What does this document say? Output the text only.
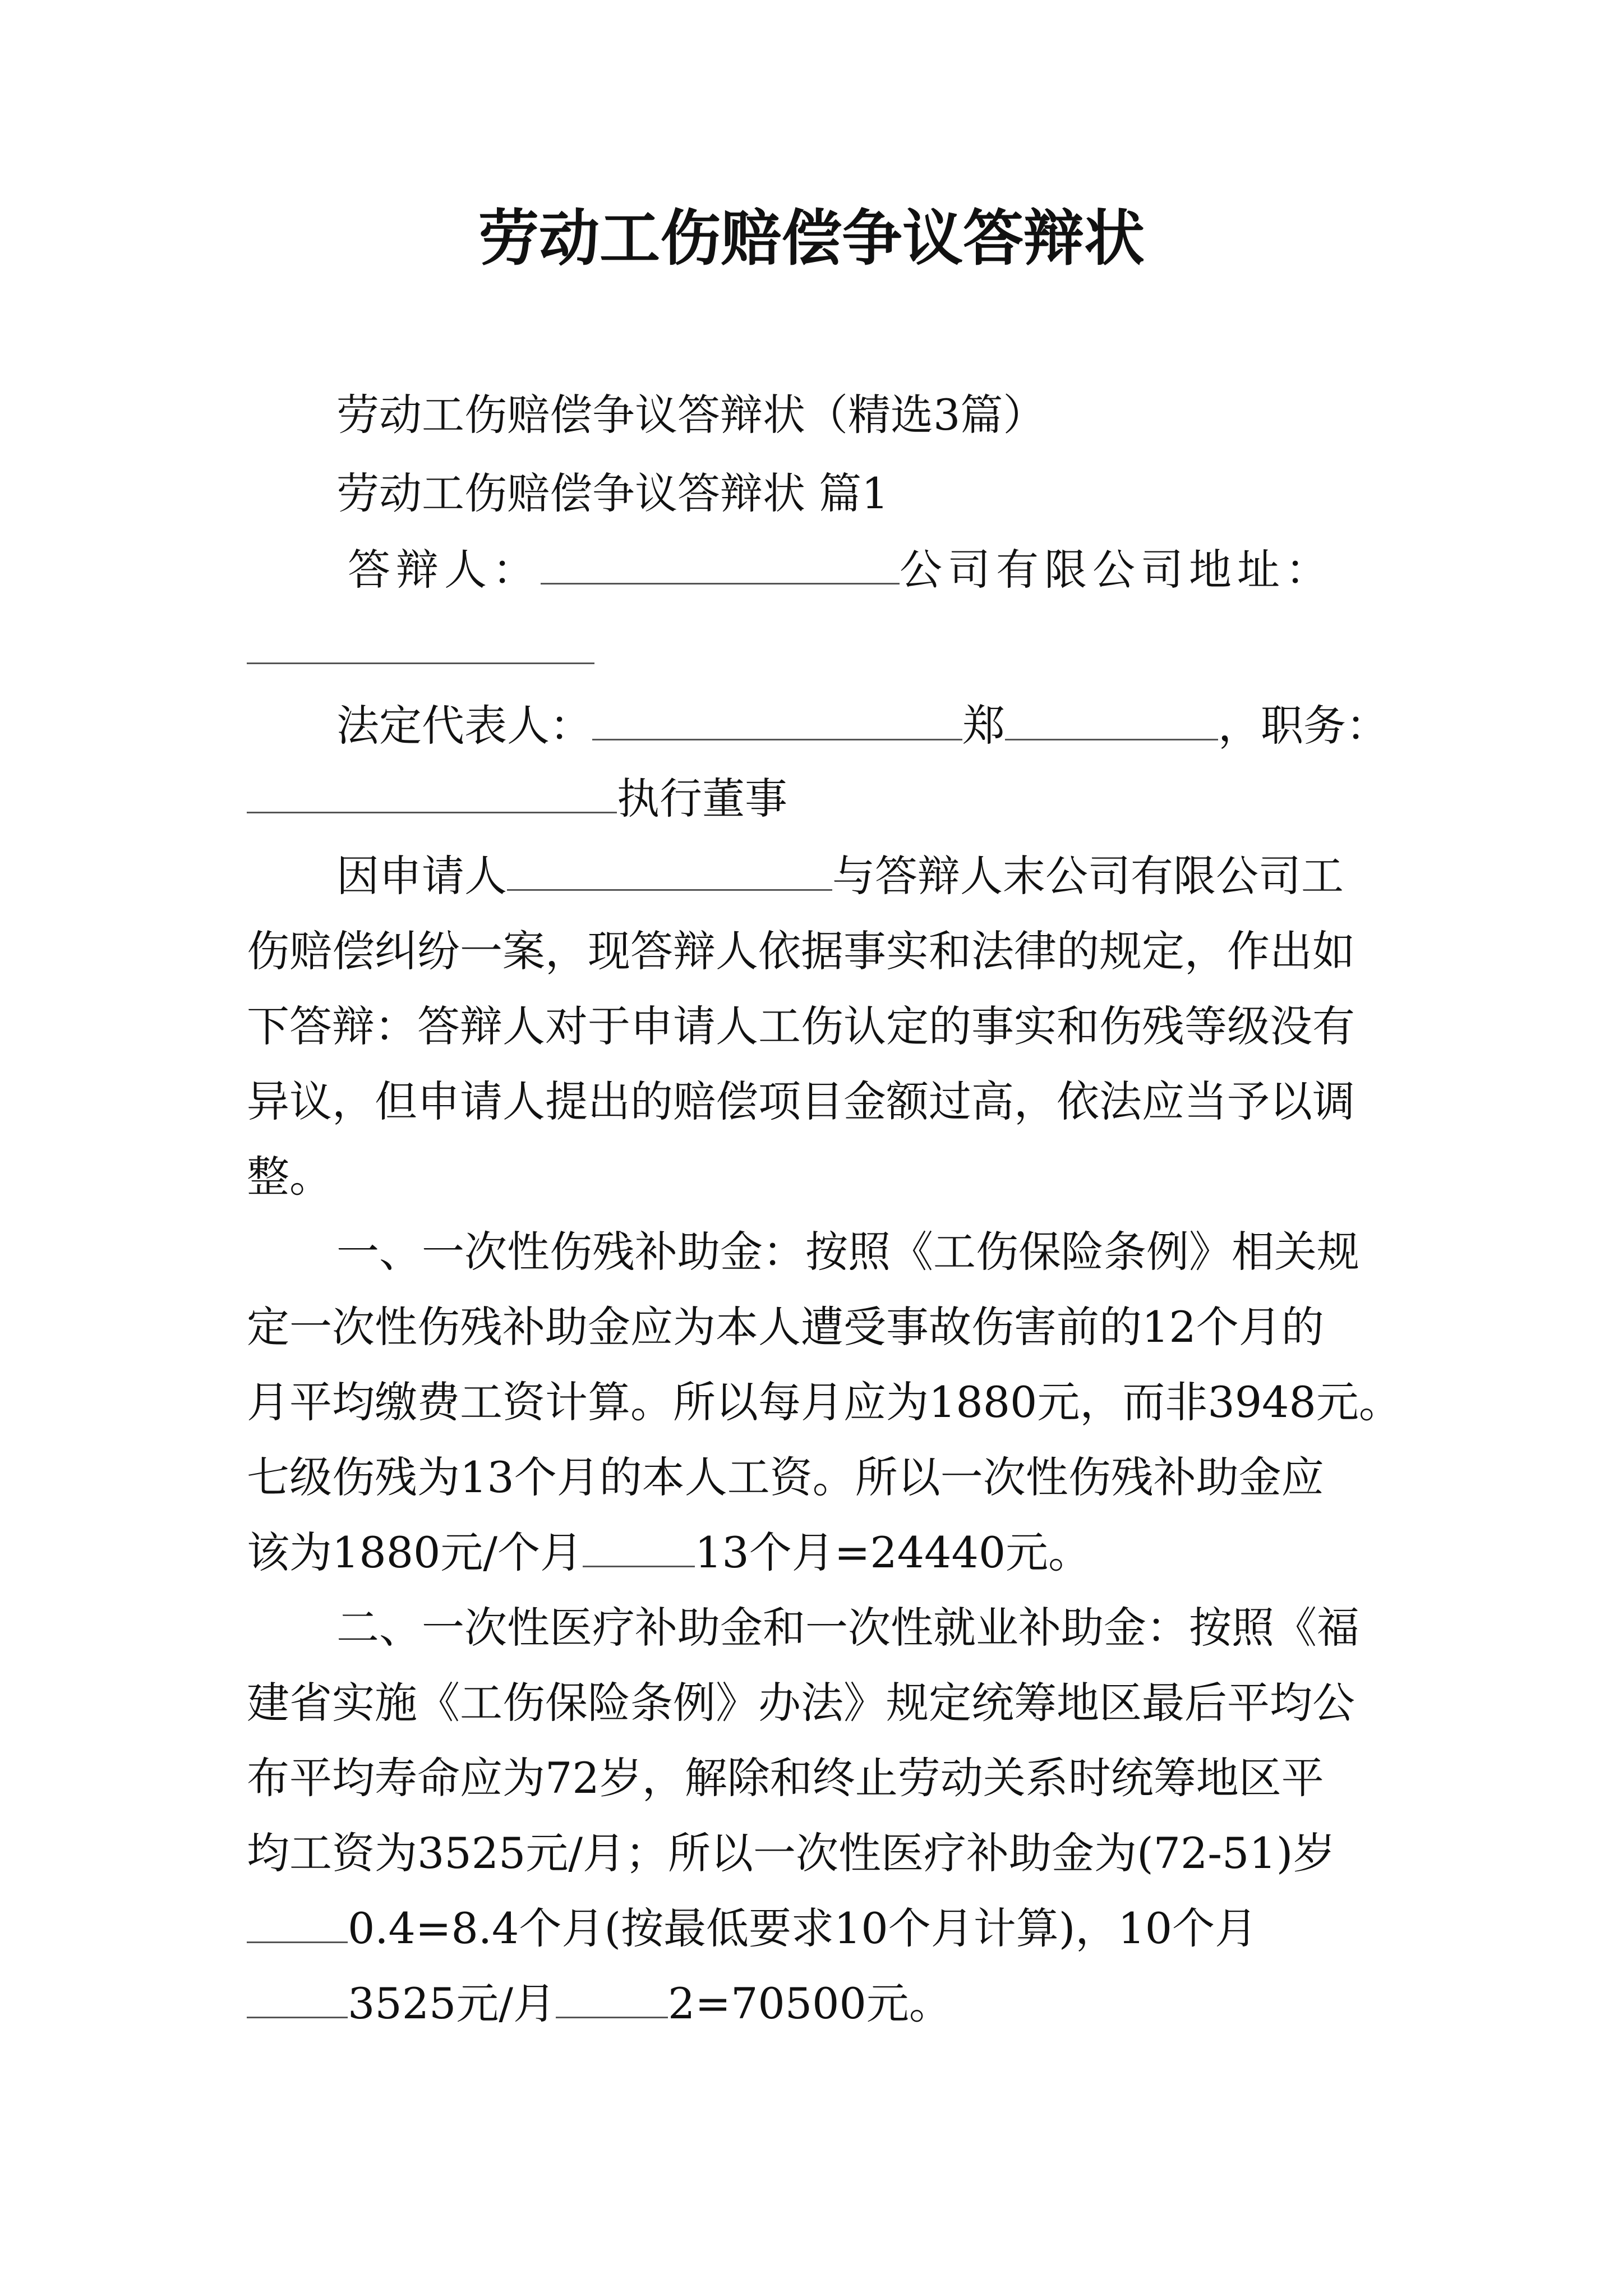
劳动工伤赔偿争议答辩状
劳动工伤赔偿争议答辩状（精选3篇）
劳动工伤赔偿争议答辩状 篇1
答辩人：	公司有限公司地址：
法定代表人：	郑	，职务：
执行董事
因申请人	与答辩人末公司有限公司工
伤赔偿纠纷一案，现答辩人依据事实和法律的规定，作出如
下答辩：答辩人对于申请人工伤认定的事实和伤残等级没有
异议，但申请人提出的赔偿项目金额过高，依法应当予以调
整。
一、一次性伤残补助金：按照《工伤保险条例》相关规
定一次性伤残补助金应为本人遭受事故伤害前的12个月的
月平均缴费工资计算。所以每月应为1880元，而非3948元。
七级伤残为13个月的本人工资。所以一次性伤残补助金应
该为1880元/个月	13个月=24440元。
二、一次性医疗补助金和一次性就业补助金：按照《福
建省实施《工伤保险条例》办法》规定统筹地区最后平均公
布平均寿命应为72岁，解除和终止劳动关系时统筹地区平
均工资为3525元/月；所以一次性医疗补助金为(72-51)岁
0.4=8.4个月(按最低要求10个月计算)，10个月
3525元/月	2=70500元。
